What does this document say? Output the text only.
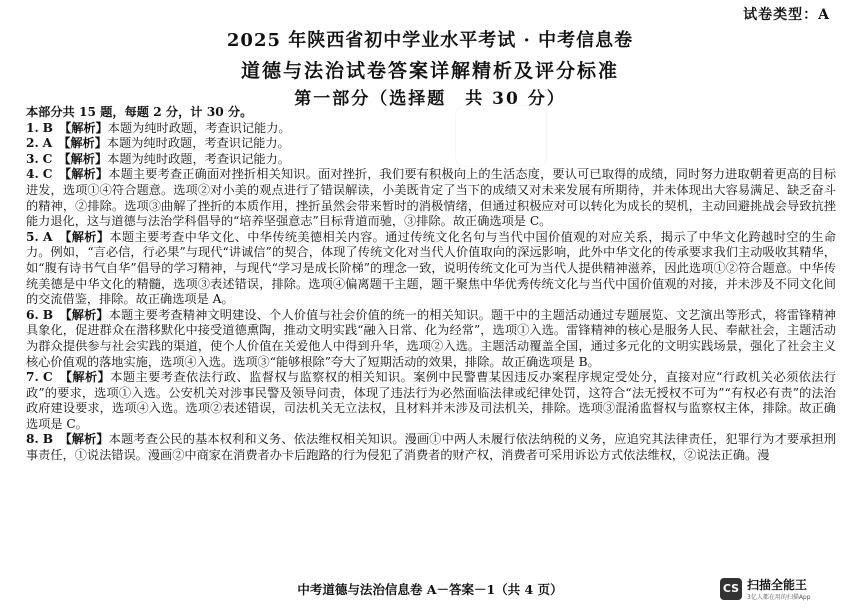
试卷类型：A
2025 年陕西省初中学业水平考试 · 中考信息卷
道德与法治试卷答案详解精析及评分标准
第一部分（选择题　共 30 分）

本部分共 15 题，每题 2 分，计 30 分。

1. B　 【解析】本题为纯时政题，考查识记能力。

2. A　 【解析】本题为纯时政题，考查识记能力。

3. C　 【解析】本题为纯时政题，考查识记能力。

4. C　 【解析】本题主要考查正确面对挫折相关知识。面对挫折，我们要有积极向上的生活态度，要认可已取得的成绩，同时努力进取朝着更高的目标进发，选项①④符合题意。选项②对小美的观点进行了错误解读，小美既肯定了当下的成绩又对未来发展有所期待，并未体现出大容易满足、缺乏奋斗的精神，②排除。选项③曲解了挫折的本质作用，挫折虽然会带来暂时的消极情绪，但通过积极应对可以转化为成长的契机，主动回避挑战会导致抗挫能力退化，这与道德与法治学科倡导的“培养坚强意志”目标背道而驰，③排除。故正确选项是 C。

5. A　 【解析】本题主要考查中华文化、中华传统美德相关内容。通过传统文化名句与当代中国价值观的对应关系，揭示了中华文化跨越时空的生命力。例如，“言必信，行必果”与现代“讲诚信”的契合，体现了传统文化对当代人价值取向的深远影响，此外中华文化的传承要求我们主动吸收其精华，如“腹有诗书气自华”倡导的学习精神，与现代“学习是成长阶梯”的理念一致，说明传统文化可为当代人提供精神滋养，因此选项①②符合题意。中华传统美德是中华文化的精髓，选项③表述错误，排除。选项④偏离题干主题，题干聚焦中华优秀传统文化与当代中国价值观的对接，并未涉及不同文化间的交流借鉴，排除。故正确选项是 A。

6. B　 【解析】本题主要考查精神文明建设、个人价值与社会价值的统一的相关知识。题干中的主题活动通过专题展览、文艺演出等形式，将雷锋精神具象化，促进群众在潜移默化中接受道德熏陶，推动文明实践“融入日常、化为经常”，选项①入选。雷锋精神的核心是服务人民、奉献社会，主题活动为群众提供参与社会实践的渠道，使个人价值在关爱他人中得到升华，选项②入选。主题活动覆盖全国，通过多元化的文明实践场景，强化了社会主义核心价值观的落地实施，选项④入选。选项③“能够根除”夸大了短期活动的效果，排除。故正确选项是 B。

7. C　 【解析】本题主要考查依法行政、监督权与监察权的相关知识。案例中民警曹某因违反办案程序规定受处分，直接对应“行政机关必须依法行政”的要求，选项①入选。公安机关对涉事民警及领导问责，体现了违法行为必然面临法律或纪律处罚，这符合“法无授权不可为”“有权必有责”的法治政府建设要求，选项④入选。选项②表述错误，司法机关无立法权，且材料并未涉及司法机关，排除。选项③混淆监督权与监察权主体，排除。故正确选项是 C。

8. B　 【解析】本题考查公民的基本权利和义务、依法维权相关知识。漫画①中两人未履行依法纳税的义务，应追究其法律责任，犯罪行为才要承担刑事责任，①说法错误。漫画②中商家在消费者办卡后跑路的行为侵犯了消费者的财产权，消费者可采用诉讼方式依法维权，②说法正确。漫

中考道德与法治信息卷 A－答案－1（共 4 页）	CS 扫描全能王
3亿人都在用的扫描App
